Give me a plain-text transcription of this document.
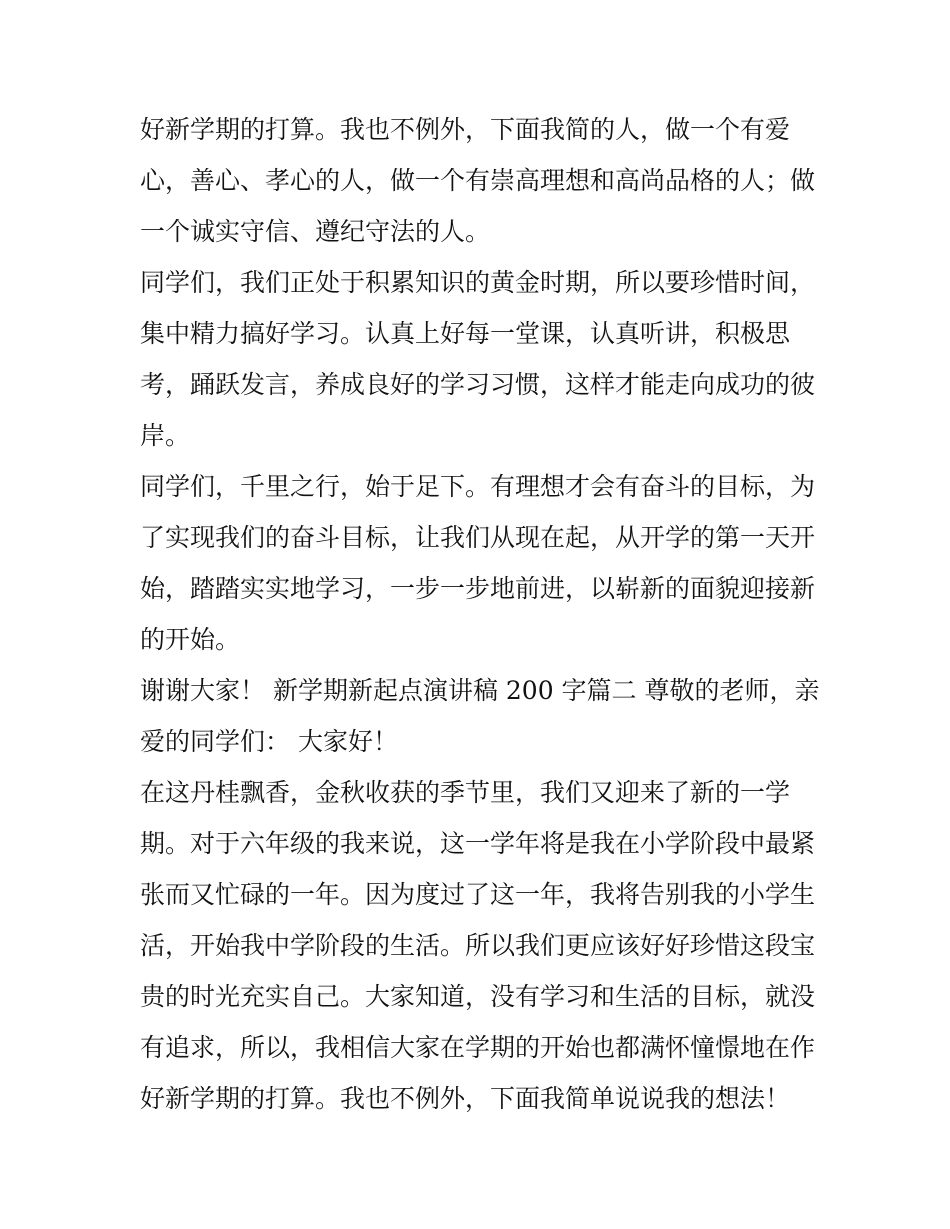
好新学期的打算。我也不例外，下面我简的人，做一个有爱
心，善心、孝心的人，做一个有崇高理想和高尚品格的人；做
一个诚实守信、遵纪守法的人。
同学们，我们正处于积累知识的黄金时期，所以要珍惜时间，
集中精力搞好学习。认真上好每一堂课，认真听讲，积极思
考，踊跃发言，养成良好的学习习惯，这样才能走向成功的彼
岸。
同学们，千里之行，始于足下。有理想才会有奋斗的目标，为
了实现我们的奋斗目标，让我们从现在起，从开学的第一天开
始，踏踏实实地学习，一步一步地前进，以崭新的面貌迎接新
的开始。
谢谢大家！ 新学期新起点演讲稿 200 字篇二 尊敬的老师，亲
爱的同学们： 大家好！
在这丹桂飘香，金秋收获的季节里，我们又迎来了新的一学
期。对于六年级的我来说，这一学年将是我在小学阶段中最紧
张而又忙碌的一年。因为度过了这一年，我将告别我的小学生
活，开始我中学阶段的生活。所以我们更应该好好珍惜这段宝
贵的时光充实自己。大家知道，没有学习和生活的目标，就没
有追求，所以，我相信大家在学期的开始也都满怀憧憬地在作
好新学期的打算。我也不例外，下面我简单说说我的想法！
